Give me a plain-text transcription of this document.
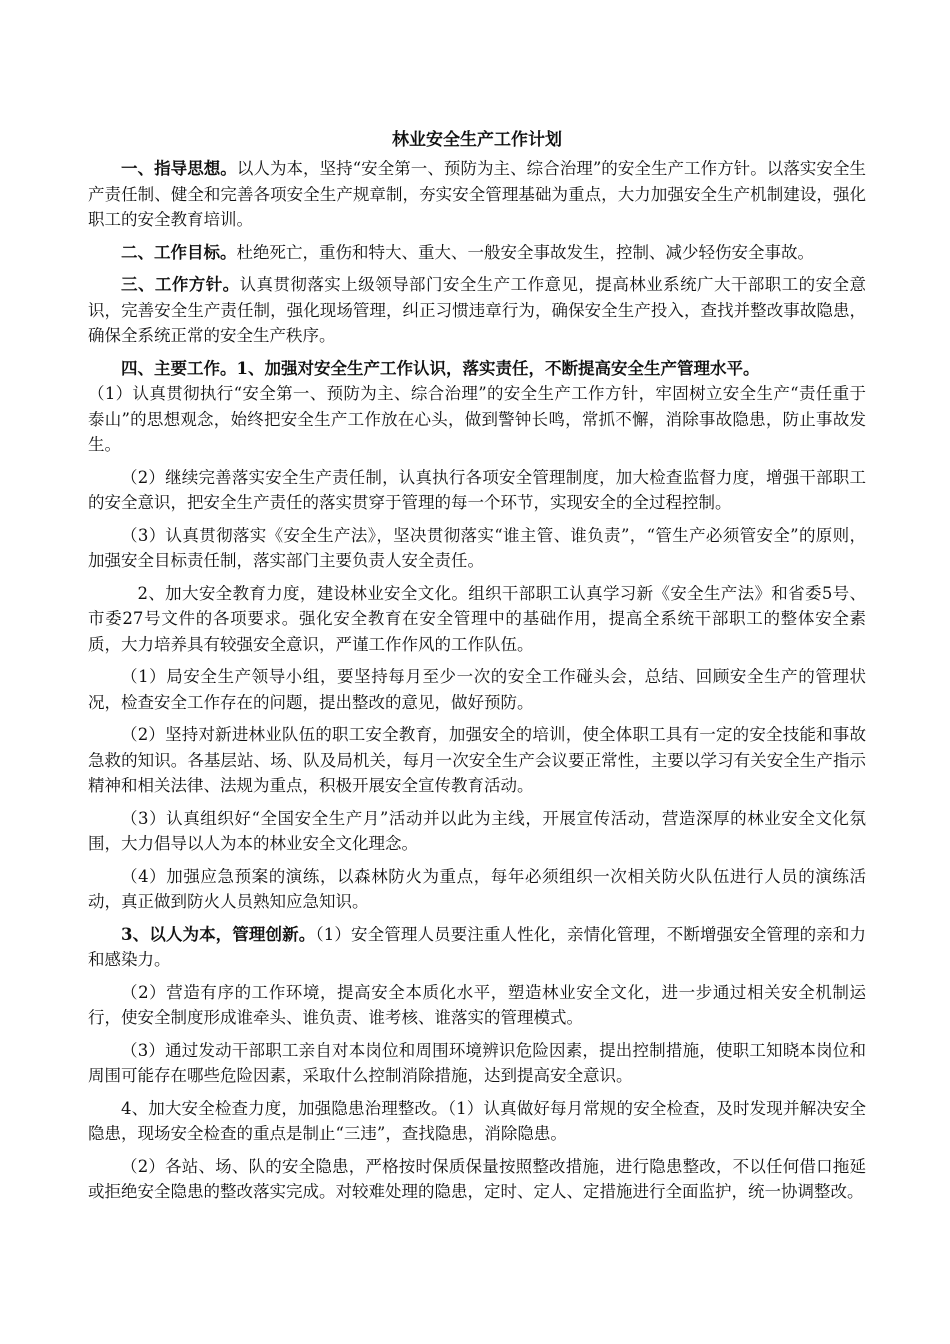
林业安全生产工作计划

一、指导思想。以人为本，坚持“安全第一、预防为主、综合治理”的安全生产工作方针。以落实安全生产责任制、健全和完善各项安全生产规章制，夯实安全管理基础为重点，大力加强安全生产机制建设，强化职工的安全教育培训。

二、工作目标。杜绝死亡，重伤和特大、重大、一般安全事故发生，控制、减少轻伤安全事故。

三、工作方针。认真贯彻落实上级领导部门安全生产工作意见，提高林业系统广大干部职工的安全意识，完善安全生产责任制，强化现场管理，纠正习惯违章行为，确保安全生产投入，查找并整改事故隐患，确保全系统正常的安全生产秩序。

四、主要工作。1、加强对安全生产工作认识，落实责任，不断提高安全生产管理水平。

（1）认真贯彻执行“安全第一、预防为主、综合治理”的安全生产工作方针，牢固树立安全生产“责任重于泰山”的思想观念，始终把安全生产工作放在心头，做到警钟长鸣，常抓不懈，消除事故隐患，防止事故发生。

（2）继续完善落实安全生产责任制，认真执行各项安全管理制度，加大检查监督力度，增强干部职工的安全意识，把安全生产责任的落实贯穿于管理的每一个环节，实现安全的全过程控制。

（3）认真贯彻落实《安全生产法》，坚决贯彻落实“谁主管、谁负责”，“管生产必须管安全”的原则，加强安全目标责任制，落实部门主要负责人安全责任。

2、加大安全教育力度，建设林业安全文化。组织干部职工认真学习新《安全生产法》和省委5号、市委27号文件的各项要求。强化安全教育在安全管理中的基础作用，提高全系统干部职工的整体安全素质，大力培养具有较强安全意识，严谨工作作风的工作队伍。

（1）局安全生产领导小组，要坚持每月至少一次的安全工作碰头会，总结、回顾安全生产的管理状况，检查安全工作存在的问题，提出整改的意见，做好预防。

（2）坚持对新进林业队伍的职工安全教育，加强安全的培训，使全体职工具有一定的安全技能和事故急救的知识。各基层站、场、队及局机关，每月一次安全生产会议要正常性，主要以学习有关安全生产指示精神和相关法律、法规为重点，积极开展安全宣传教育活动。

（3）认真组织好“全国安全生产月”活动并以此为主线，开展宣传活动，营造深厚的林业安全文化氛围，大力倡导以人为本的林业安全文化理念。

（4）加强应急预案的演练，以森林防火为重点，每年必须组织一次相关防火队伍进行人员的演练活动，真正做到防火人员熟知应急知识。

3、以人为本，管理创新。（1）安全管理人员要注重人性化，亲情化管理，不断增强安全管理的亲和力和感染力。

（2）营造有序的工作环境，提高安全本质化水平，塑造林业安全文化，进一步通过相关安全机制运行，使安全制度形成谁牵头、谁负责、谁考核、谁落实的管理模式。

（3）通过发动干部职工亲自对本岗位和周围环境辨识危险因素，提出控制措施，使职工知晓本岗位和周围可能存在哪些危险因素，采取什么控制消除措施，达到提高安全意识。

4、加大安全检查力度，加强隐患治理整改。（1）认真做好每月常规的安全检查，及时发现并解决安全隐患，现场安全检查的重点是制止“三违”，查找隐患，消除隐患。

（2）各站、场、队的安全隐患，严格按时保质保量按照整改措施，进行隐患整改，不以任何借口拖延或拒绝安全隐患的整改落实完成。对较难处理的隐患，定时、定人、定措施进行全面监护，统一协调整改。
